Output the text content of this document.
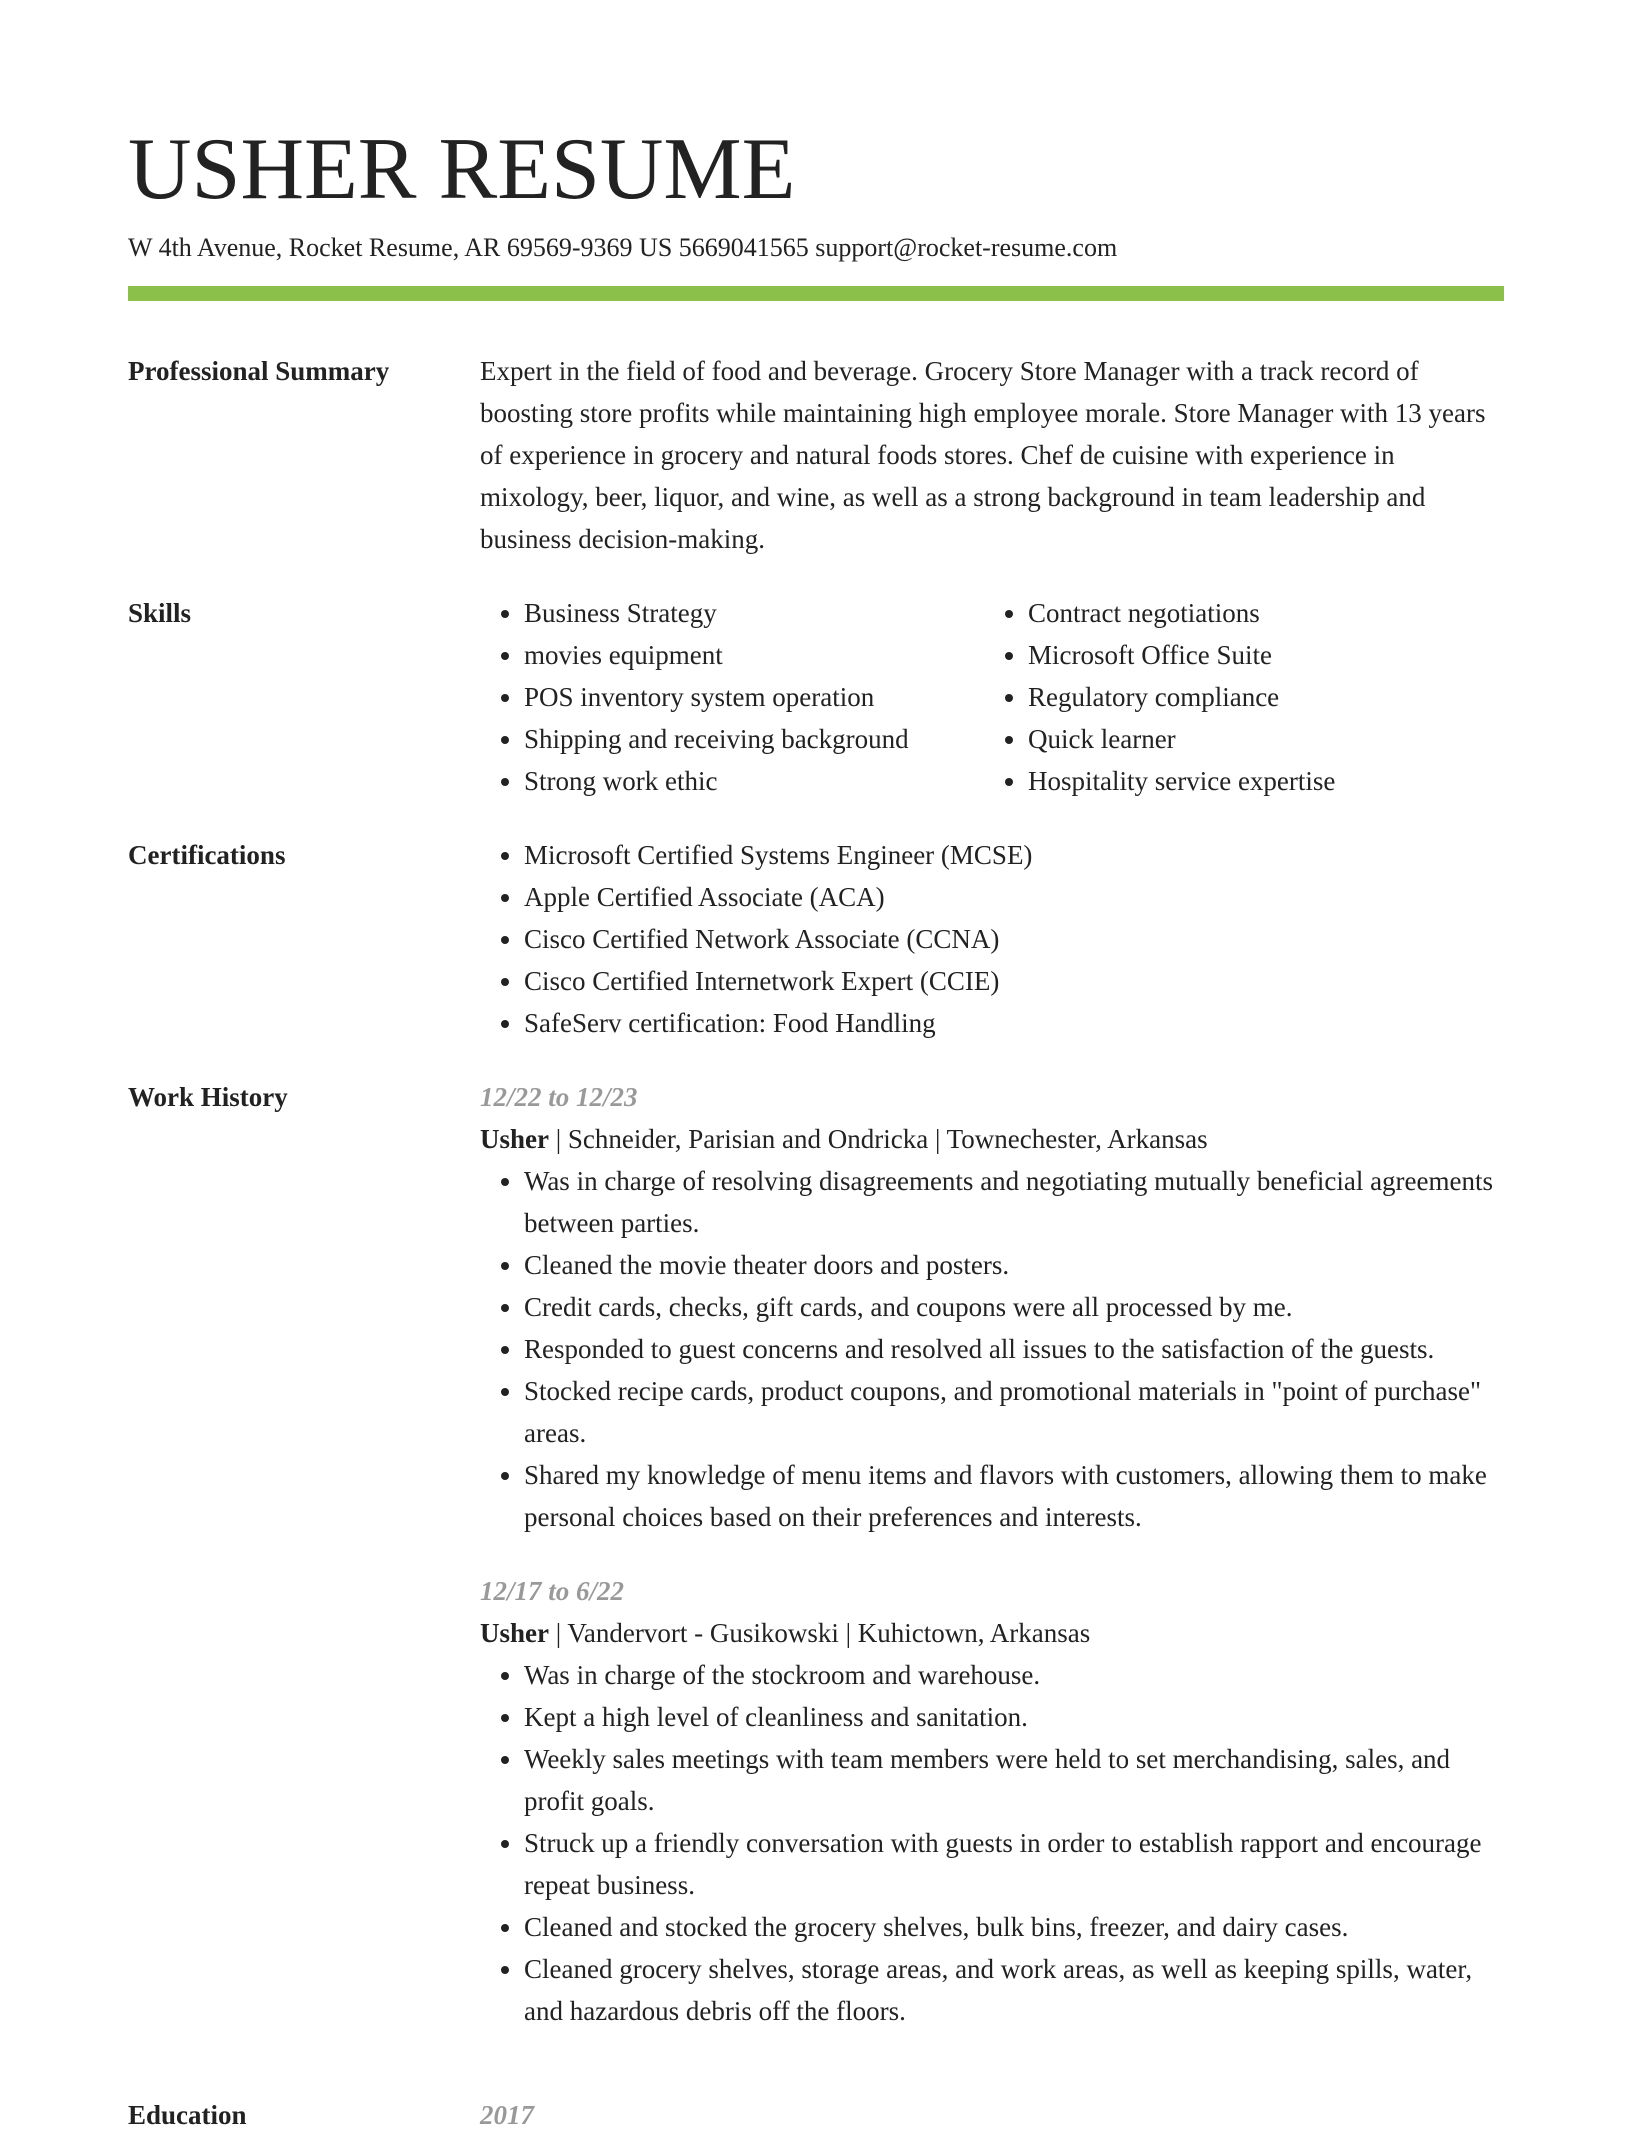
USHER RESUME
W 4th Avenue, Rocket Resume, AR 69569-9369 US 5669041565 support@rocket-resume.com
Professional Summary	Expert in the field of food and beverage. Grocery Store Manager with a track record of boosting store profits while maintaining high employee morale. Store Manager with 13 years of experience in grocery and natural foods stores. Chef de cuisine with experience in mixology, beer, liquor, and wine, as well as a strong background in team leadership and business decision-making.

Skills	• Business Strategy
• movies equipment
• POS inventory system operation
• Shipping and receiving background
• Strong work ethic
• Contract negotiations
• Microsoft Office Suite
• Regulatory compliance
• Quick learner
• Hospitality service expertise
Certifications	• Microsoft Certified Systems Engineer (MCSE)
• Apple Certified Associate (ACA)
• Cisco Certified Network Associate (CCNA)
• Cisco Certified Internetwork Expert (CCIE)
• SafeServ certification: Food Handling
Work History	12/22 to 12/23
Usher | Schneider, Parisian and Ondricka | Townechester, Arkansas
• Was in charge of resolving disagreements and negotiating mutually beneficial agreements between parties.
• Cleaned the movie theater doors and posters.
• Credit cards, checks, gift cards, and coupons were all processed by me.
• Responded to guest concerns and resolved all issues to the satisfaction of the guests.
• Stocked recipe cards, product coupons, and promotional materials in "point of purchase" areas.
• Shared my knowledge of menu items and flavors with customers, allowing them to make personal choices based on their preferences and interests.
12/17 to 6/22
Usher | Vandervort - Gusikowski | Kuhictown, Arkansas
• Was in charge of the stockroom and warehouse.
• Kept a high level of cleanliness and sanitation.
• Weekly sales meetings with team members were held to set merchandising, sales, and profit goals.
• Struck up a friendly conversation with guests in order to establish rapport and encourage repeat business.
• Cleaned and stocked the grocery shelves, bulk bins, freezer, and dairy cases.
• Cleaned grocery shelves, storage areas, and work areas, as well as keeping spills, water, and hazardous debris off the floors.
Education	2017
